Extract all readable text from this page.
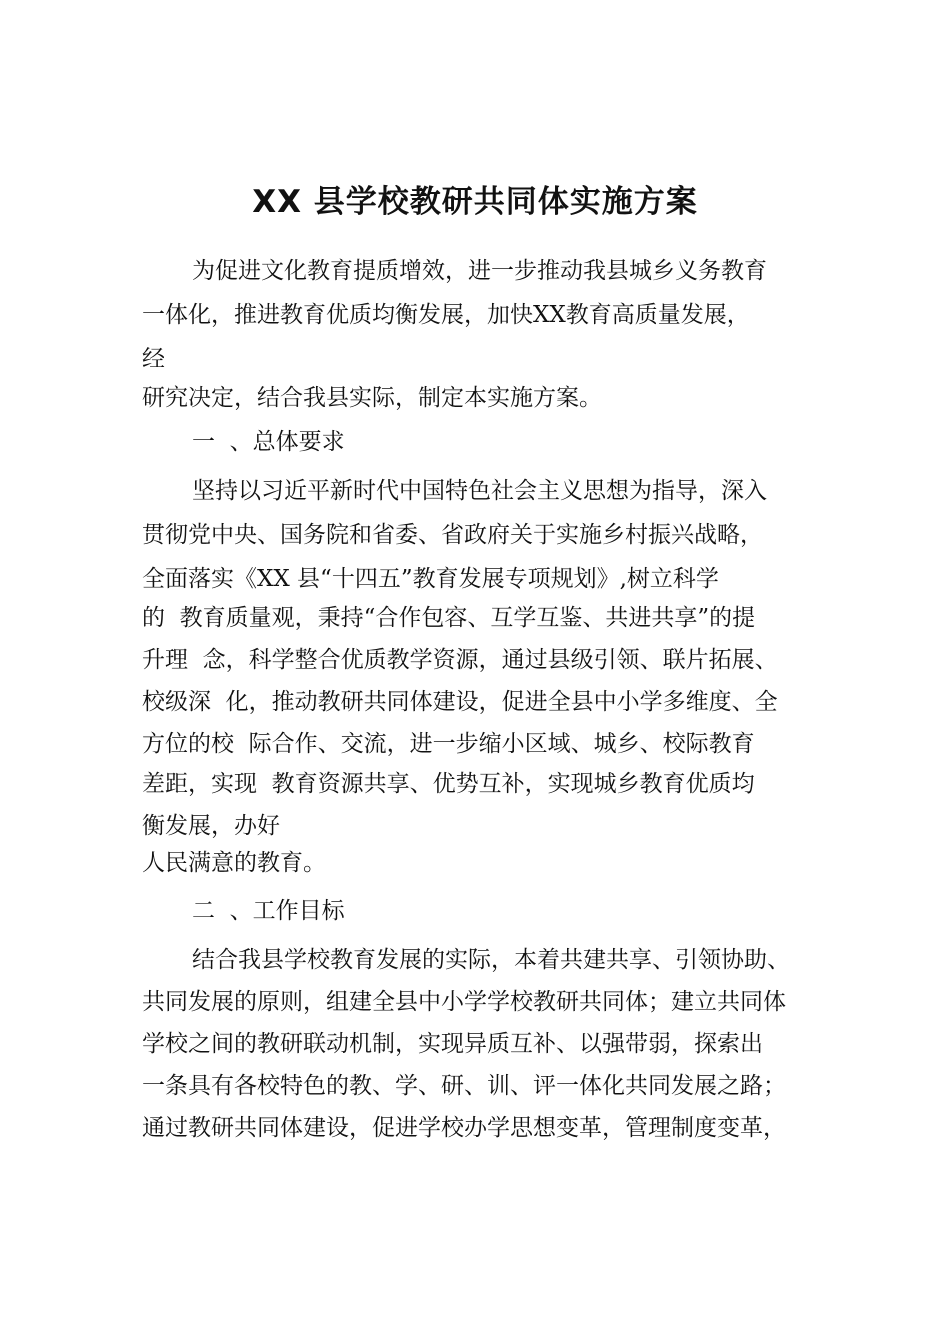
XX 县学校教研共同体实施方案
为促进文化教育提质增效，进一步推动我县城乡义务教育
一体化，推进教育优质均衡发展，加快XX教育高质量发展，
经
研究决定，结合我县实际，制定本实施方案。
一  、总体要求
坚持以习近平新时代中国特色社会主义思想为指导，深入
贯彻党中央、国务院和省委、省政府关于实施乡村振兴战略，
全面落实《XX 县“十四五”教育发展专项规划》,树立科学
的  教育质量观，秉持“合作包容、互学互鉴、共进共享”的提
升理  念，科学整合优质教学资源，通过县级引领、联片拓展、
校级深  化，推动教研共同体建设，促进全县中小学多维度、全
方位的校  际合作、交流，进一步缩小区域、城乡、校际教育
差距，实现  教育资源共享、优势互补，实现城乡教育优质均
衡发展，办好
人民满意的教育。
二  、工作目标
结合我县学校教育发展的实际，本着共建共享、引领协助、
共同发展的原则，组建全县中小学学校教研共同体；建立共同体
学校之间的教研联动机制，实现异质互补、以强带弱，探索出
一条具有各校特色的教、学、研、训、评一体化共同发展之路；
通过教研共同体建设，促进学校办学思想变革，管理制度变革，
